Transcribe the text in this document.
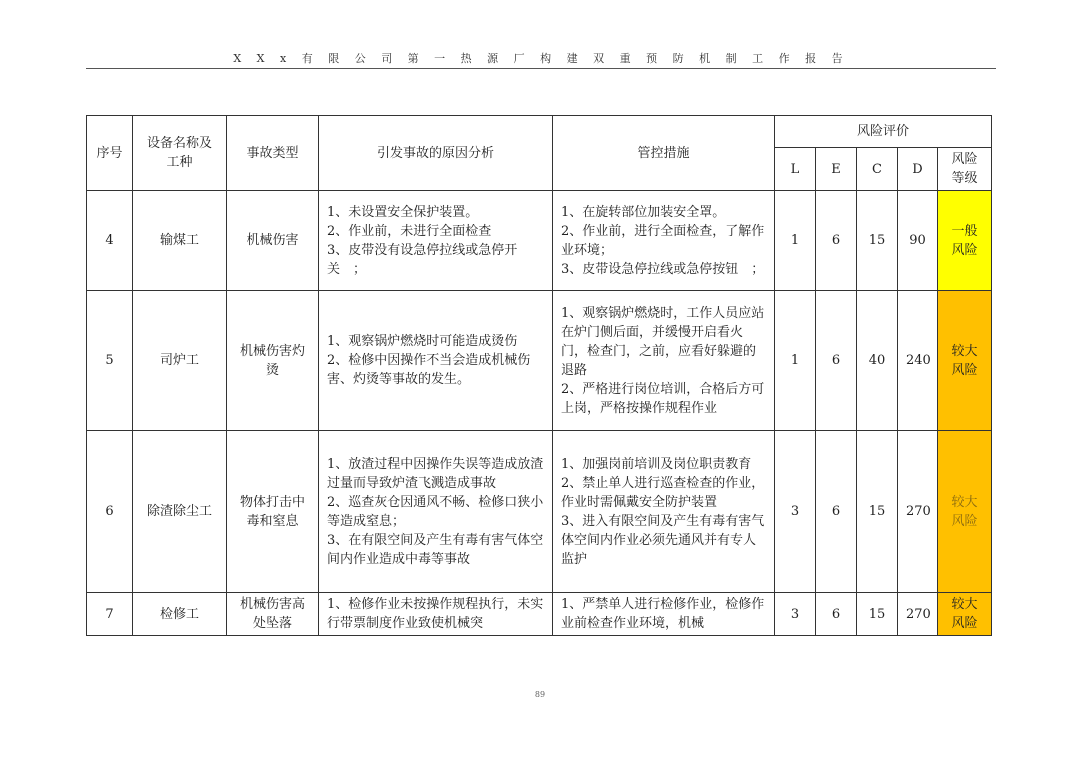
X X x 有 限 公 司 第 一 热 源 厂 构 建 双 重 预 防 机 制 工 作 报 告
序号	设备名称及工种	事故类型	引发事故的原因分析	管控措施	风险评价				
					L	E	C	D	风险等级
4	输煤工	机械伤害	1、未设置安全保护装置。
2、作业前，未进行全面检查
3、皮带没有设急停拉线或急停开关　；	1、在旋转部位加装安全罩。
2、作业前，进行全面检查，了解作业环境；
3、皮带设急停拉线或急停按钮　；	1	6	15	90	一般风险
5	司炉工	机械伤害灼烫	1、观察锅炉燃烧时可能造成烫伤
2、检修中因操作不当会造成机械伤害、灼烫等事故的发生。	1、观察锅炉燃烧时，工作人员应站在炉门侧后面，并缓慢开启看火门，检查门，之前，应看好躲避的退路
2、严格进行岗位培训，合格后方可上岗，严格按操作规程作业	1	6	40	240	较大风险
6	除渣除尘工	物体打击中毒和窒息	1、放渣过程中因操作失误等造成放渣过量而导致炉渣飞溅造成事故
2、巡查灰仓因通风不畅、检修口狭小等造成窒息；
3、在有限空间及产生有毒有害气体空间内作业造成中毒等事故	1、加强岗前培训及岗位职责教育
2、禁止单人进行巡查检查的作业，作业时需佩戴安全防护装置
3、进入有限空间及产生有毒有害气体空间内作业必须先通风并有专人监护	3	6	15	270	较大风险
7	检修工	机械伤害高处坠落	1、检修作业未按操作规程执行，未实行带票制度作业致使机械突	1、严禁单人进行检修作业，检修作业前检查作业环境，机械	3	6	15	270	较大风险
89
